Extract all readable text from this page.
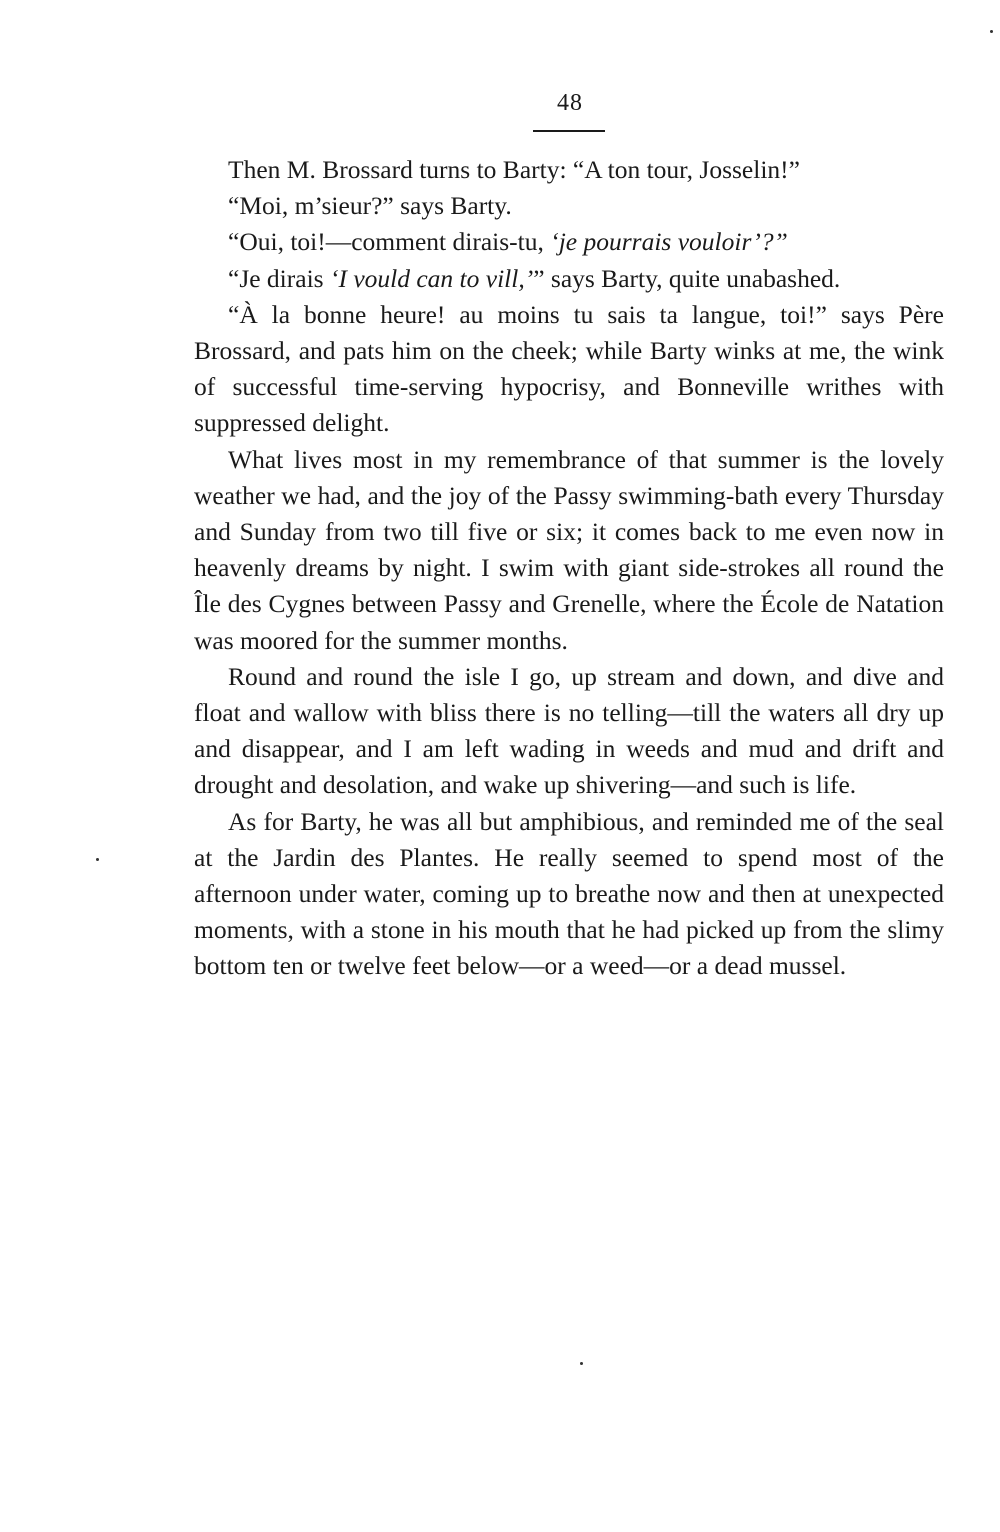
48

Then M. Brossard turns to Barty: “A ton tour, Josselin!”

“Moi, m’sieur?” says Barty.

“Oui, toi!—comment dirais-tu, ‘je pourrais vouloir’?”

“Je dirais ‘I vould can to vill,’” says Barty, quite unabashed.

“À la bonne heure! au moins tu sais ta langue, toi!” says Père Brossard, and pats him on the cheek; while Barty winks at me, the wink of successful time-serving hypocrisy, and Bonneville writhes with suppressed delight.

What lives most in my remembrance of that summer is the lovely weather we had, and the joy of the Passy swimming-bath every Thursday and Sunday from two till five or six; it comes back to me even now in heavenly dreams by night. I swim with giant side-strokes all round the Île des Cygnes between Passy and Grenelle, where the École de Natation was moored for the summer months.

Round and round the isle I go, up stream and down, and dive and float and wallow with bliss there is no telling—till the waters all dry up and disappear, and I am left wading in weeds and mud and drift and drought and desolation, and wake up shivering—and such is life.

As for Barty, he was all but amphibious, and reminded me of the seal at the Jardin des Plantes. He really seemed to spend most of the afternoon under water, coming up to breathe now and then at unexpected moments, with a stone in his mouth that he had picked up from the slimy bottom ten or twelve feet below—or a weed—or a dead mussel.
